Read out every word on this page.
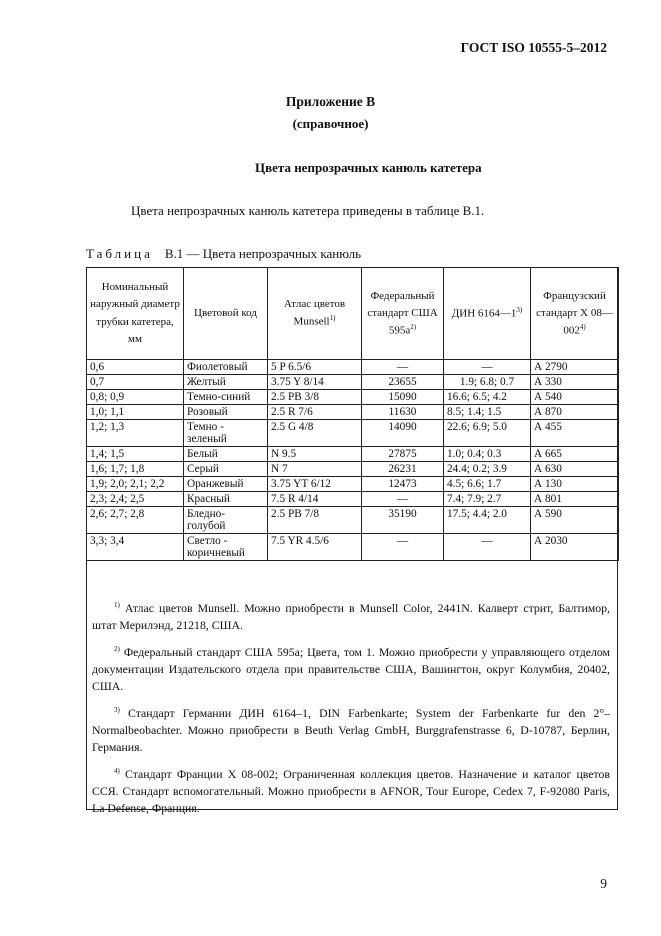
ГОСТ ISO 10555-5–2012
Приложение В
(справочное)
Цвета непрозрачных канюль катетера
Цвета непрозрачных канюль катетера приведены в таблице В.1.
Таблица В.1 — Цвета непрозрачных канюль
Номинальный наружный диаметр трубки катетера, мм	Цветовой код	Атлас цветов Munsell$^{1)}$	Федеральный стандарт США $595а^{2)}$	ДИН 6164—1$^{3)}$	Французский стандарт Х 08—002$^{4)}$
0,6	Фиолетовый	5 P 6.5/6	—	—	А 2790
0,7	Желтый	3.75 Y 8/14	23655	1.9; 6.8; 0.7	А 330
0,8; 0,9	Темно-синий	2.5 PB 3/8	15090	16.6; 6.5; 4.2	А 540
1,0; 1,1	Розовый	2.5 R 7/6	11630	8.5; 1.4; 1.5	А 870
1,2; 1,3	Темно - зеленый	2.5 G 4/8	14090	22.6; 6.9; 5.0	А 455
1,4; 1,5	Белый	N 9.5	27875	1.0; 0.4; 0.3	А 665
1,6; 1,7; 1,8	Серый	N 7	26231	24.4; 0.2; 3.9	А 630
1,9; 2,0; 2,1; 2,2	Оранжевый	3.75 YT 6/12	12473	4.5; 6.6; 1.7	А 130
2,3; 2,4; 2,5	Красный	7.5 R 4/14	—	7.4; 7.9; 2.7	А 801
2,6; 2,7; 2,8	Бледно- голубой	2.5 PB 7/8	35190	17.5; 4.4; 2.0	А 590
3,3; 3,4	Светло - коричневый	7.5 YR 4.5/6	—	—	А 2030

$^{1)}$ Атлас цветов Munsell. Можно приобрести в Munsell Color, 2441N. Калверт стрит, Балтимор, штат Мерилэнд, 21218, США.

$^{2)}$ Федеральный стандарт США 595а; Цвета, том 1. Можно приобрести у управляющего отделом документации Издательского отдела при правительстве США, Вашингтон, округ Колумбия, 20402, США.

$^{3)}$ Стандарт Германии ДИН 6164–1, DIN Farbenkarte; System der Farbenkarte fur den 2°–Normalbeobachter. Можно приобрести в Beuth Verlag GmbH, Burggrafenstrasse 6, D-10787, Берлин, Германия.

$^{4)}$ Стандарт Франции Х 08-002; Ограниченная коллекция цветов. Назначение и каталог цветов ССЯ. Стандарт вспомогательный. Можно приобрести в AFNOR, Tour Europe, Cedex 7, F-92080 Paris, La Defense, Франция.

9
